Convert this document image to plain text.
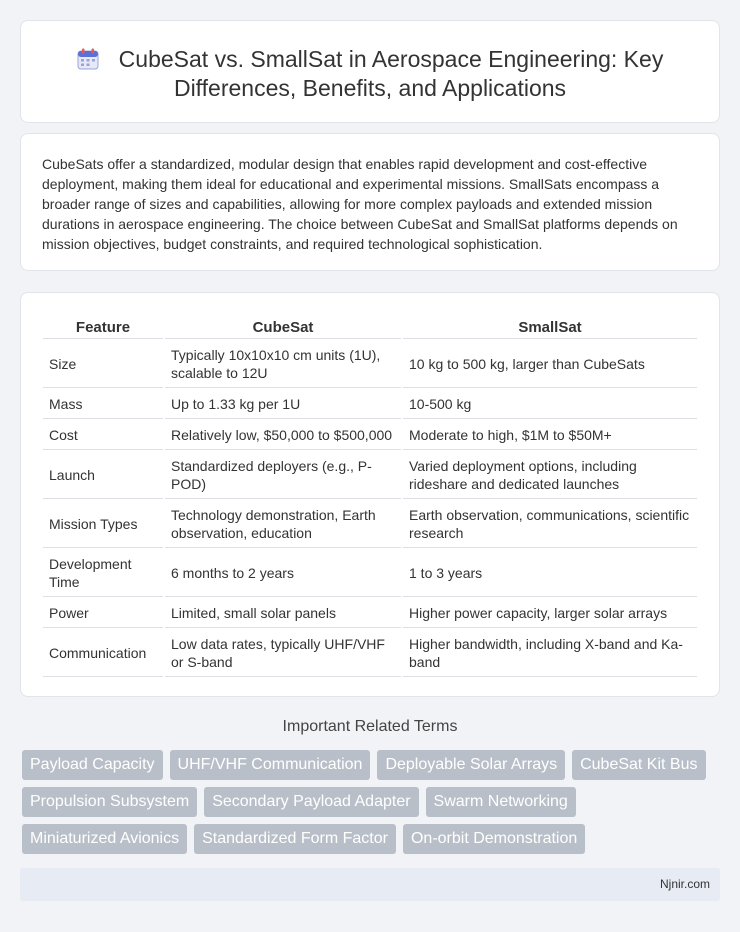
CubeSat vs. SmallSat in Aerospace Engineering: Key Differences, Benefits, and Applications

CubeSats offer a standardized, modular design that enables rapid development and cost-effective deployment, making them ideal for educational and experimental missions. SmallSats encompass a broader range of sizes and capabilities, allowing for more complex payloads and extended mission durations in aerospace engineering. The choice between CubeSat and SmallSat platforms depends on mission objectives, budget constraints, and required technological sophistication.

Feature	CubeSat	SmallSat
Size	Typically 10x10x10 cm units (1U), scalable to 12U	10 kg to 500 kg, larger than CubeSats
Mass	Up to 1.33 kg per 1U	10-500 kg
Cost	Relatively low, $50,000 to $500,000	Moderate to high, $1M to $50M+
Launch	Standardized deployers (e.g., P-POD)	Varied deployment options, including rideshare and dedicated launches
Mission Types	Technology demonstration, Earth observation, education	Earth observation, communications, scientific research
Development Time	6 months to 2 years	1 to 3 years
Power	Limited, small solar panels	Higher power capacity, larger solar arrays
Communication	Low data rates, typically UHF/VHF or S-band	Higher bandwidth, including X-band and Ka-band
Important Related Terms
Payload Capacity	UHF/VHF Communication	Deployable Solar Arrays	CubeSat Kit Bus
Propulsion Subsystem	Secondary Payload Adapter	Swarm Networking
Miniaturized Avionics	Standardized Form Factor	On-orbit Demonstration
Njnir.com
